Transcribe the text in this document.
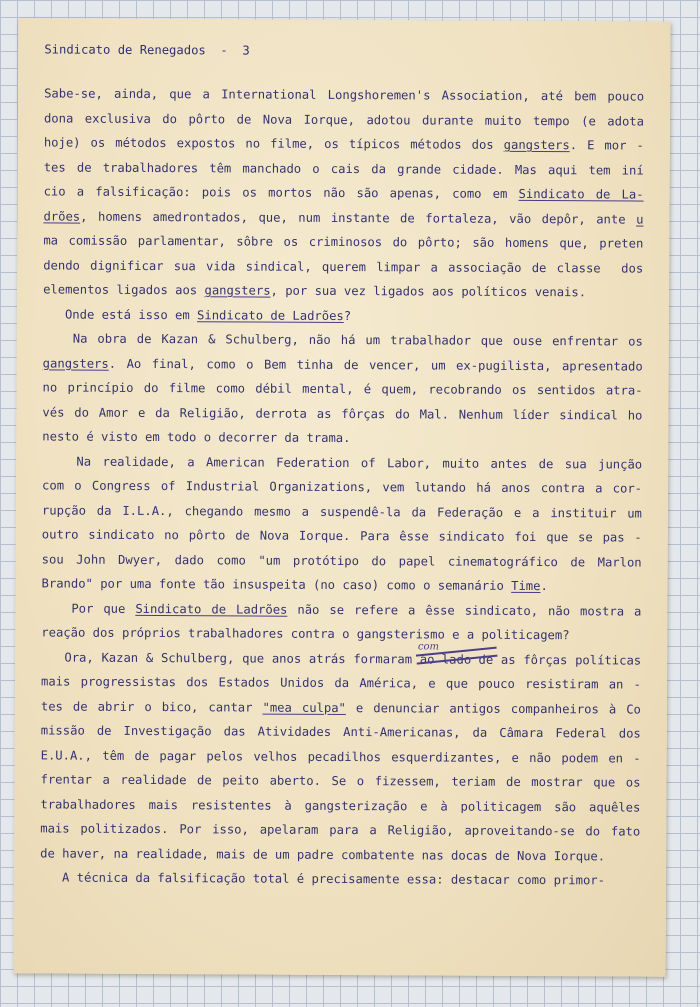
Sindicato de Renegados  -  3
Sabe-se, ainda, que a International Longshoremen's Association, até bem pouco
dona exclusiva do pôrto de Nova Iorque, adotou durante muito tempo (e adota
hoje) os métodos expostos no filme, os típicos métodos dos gangsters. E mor -
tes de trabalhadores têm manchado o cais da grande cidade. Mas aqui tem iní
cio a falsificação: pois os mortos não são apenas, como em Sindicato de La-
drões, homens amedrontados, que, num instante de fortaleza, vão depôr, ante u
ma comissão parlamentar, sôbre os criminosos do pôrto; são homens que, preten
dendo dignificar sua vida sindical, querem limpar a associação de classe  dos
elementos ligados aos gangsters, por sua vez ligados aos políticos venais.
Onde está isso em Sindicato de Ladrões?
Na obra de Kazan & Schulberg, não há um trabalhador que ouse enfrentar os
gangsters. Ao final, como o Bem tinha de vencer, um ex-pugilista, apresentado
no princípio do filme como débil mental, é quem, recobrando os sentidos atra-
vés do Amor e da Religião, derrota as fôrças do Mal. Nenhum líder sindical ho
nesto é visto em todo o decorrer da trama.
Na realidade, a American Federation of Labor, muito antes de sua junção
com o Congress of Industrial Organizations, vem lutando há anos contra a cor-
rupção da I.L.A., chegando mesmo a suspendê-la da Federação e a instituir um
outro sindicato no pôrto de Nova Iorque. Para êsse sindicato foi que se pas -
sou John Dwyer, dado como "um protótipo do papel cinematográfico de Marlon
Brando" por uma fonte tão insuspeita (no caso) como o semanário Time.
Por que Sindicato de Ladrões não se refere a êsse sindicato, não mostra a
reação dos próprios trabalhadores contra o gangsterismo e a politicagem?
Ora, Kazan & Schulberg, que anos atrás formaram ao lado de
com
as fôrças políticas
mais progressistas dos Estados Unidos da América, e que pouco resistiram an -
tes de abrir o bico, cantar "mea culpa" e denunciar antigos companheiros à Co
missão de Investigação das Atividades Anti-Americanas, da Câmara Federal dos
E.U.A., têm de pagar pelos velhos pecadilhos esquerdizantes, e não podem en -
frentar a realidade de peito aberto. Se o fizessem, teriam de mostrar que os
trabalhadores mais resistentes à gangsterização e à politicagem são aquêles
mais politizados. Por isso, apelaram para a Religião, aproveitando-se do fato
de haver, na realidade, mais de um padre combatente nas docas de Nova Iorque.
A técnica da falsificação total é precisamente essa: destacar como primor-
